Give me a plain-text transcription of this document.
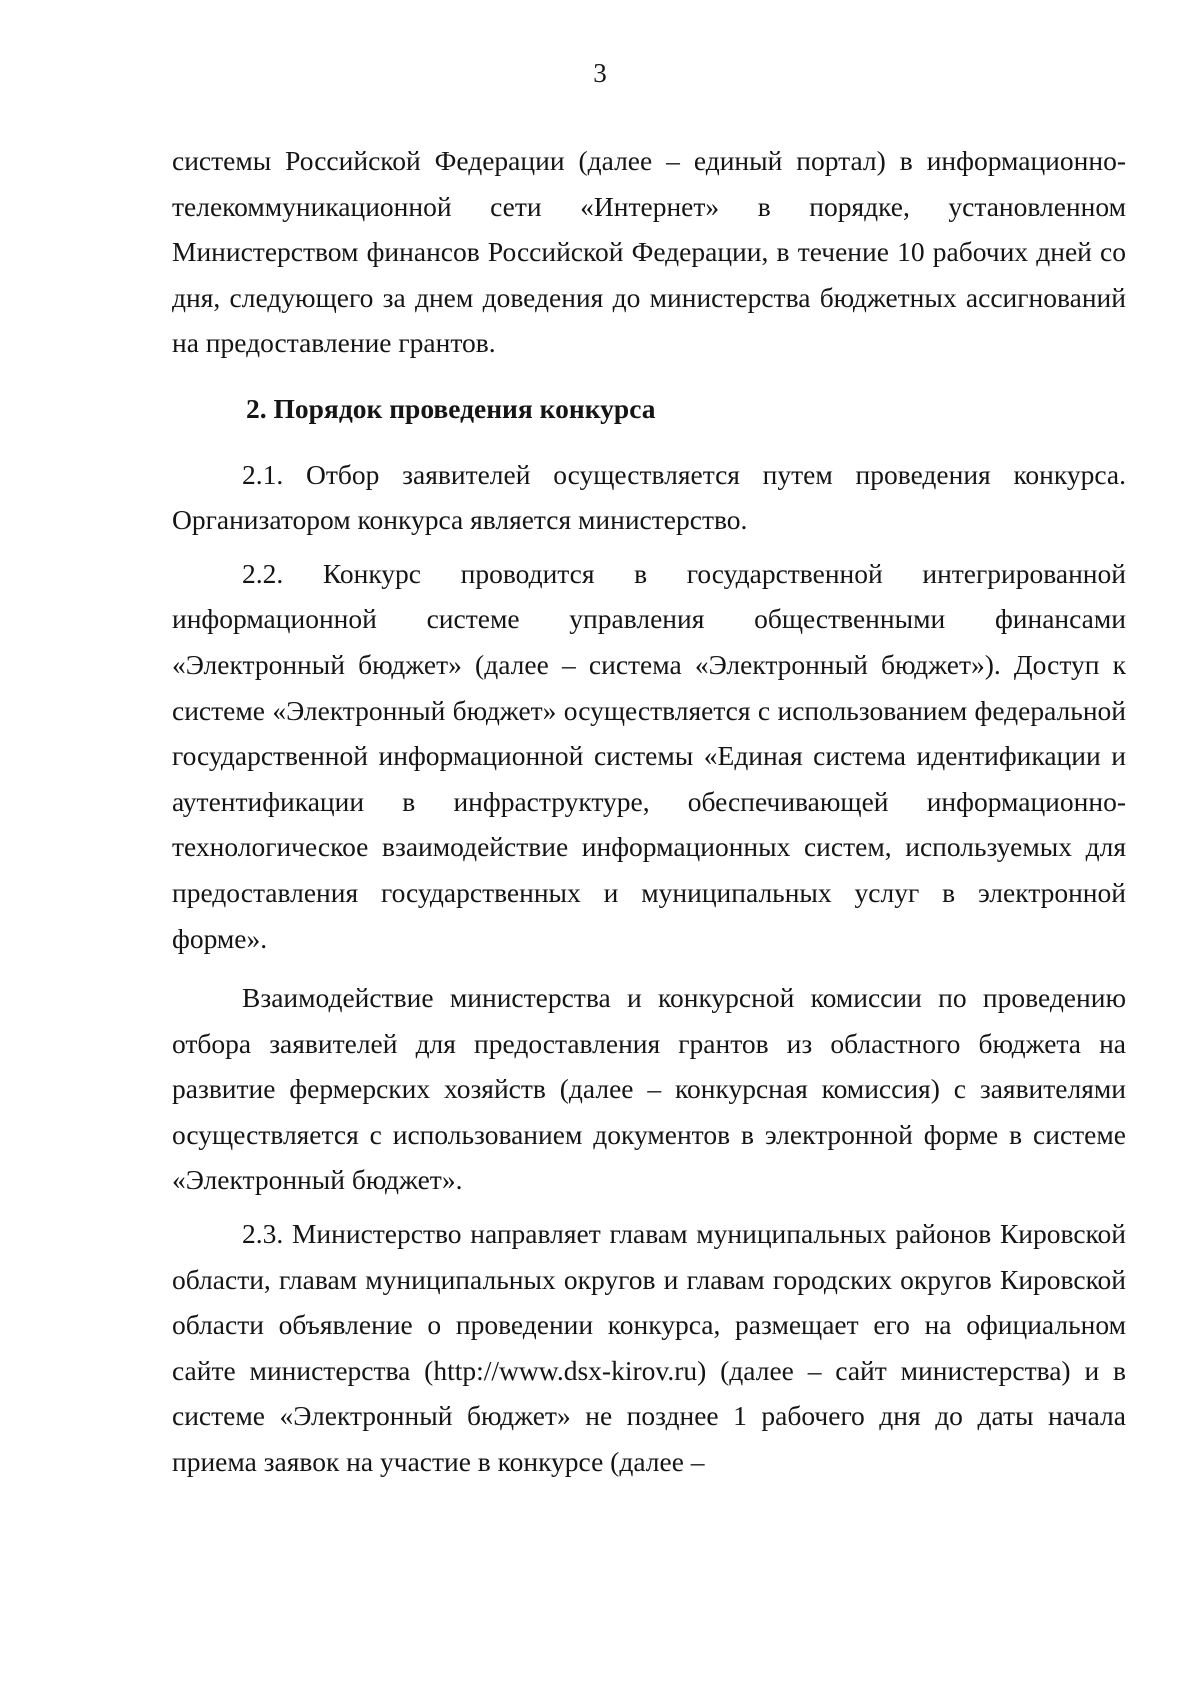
3

системы Российской Федерации (далее – единый портал) в информационно-телекоммуникационной сети «Интернет» в порядке, установленном Министерством финансов Российской Федерации, в течение 10 рабочих дней со дня, следующего за днем доведения до министерства бюджетных ассигнований на предоставление грантов.

2. Порядок проведения конкурса

2.1. Отбор заявителей осуществляется путем проведения конкурса. Организатором конкурса является министерство.

2.2. Конкурс проводится в государственной интегрированной информационной системе управления общественными финансами «Электронный бюджет» (далее – система «Электронный бюджет»). Доступ к системе «Электронный бюджет» осуществляется с использованием федеральной государственной информационной системы «Единая система идентификации и аутентификации в инфраструктуре, обеспечивающей информационно-технологическое взаимодействие информационных систем, используемых для предоставления государственных и муниципальных услуг в электронной форме».

Взаимодействие министерства и конкурсной комиссии по проведению отбора заявителей для предоставления грантов из областного бюджета на развитие фермерских хозяйств (далее – конкурсная комиссия) с заявителями осуществляется с использованием документов в электронной форме в системе «Электронный бюджет».

2.3. Министерство направляет главам муниципальных районов Кировской области, главам муниципальных округов и главам городских округов Кировской области объявление о проведении конкурса, размещает его на официальном сайте министерства (http://www.dsx-kirov.ru) (далее – сайт министерства) и в системе «Электронный бюджет» не позднее 1 рабочего дня до даты начала приема заявок на участие в конкурсе (далее –
